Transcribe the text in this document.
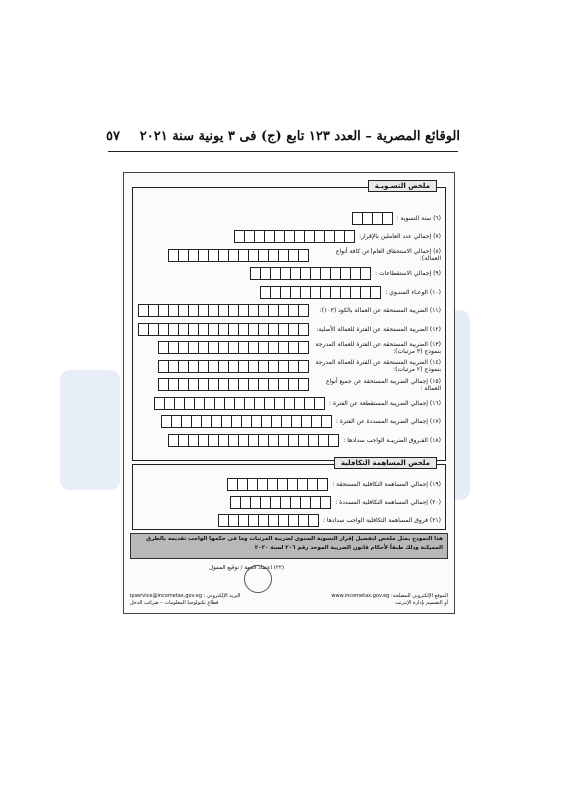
الوقائع المصرية – العدد ١٢٣ تابع (ج) فى ٣ يونية سنة ٢٠٢١
٥٧
ملخص التسـويـة
(٦) سنة التسوية :
(٧) إجمالي عدد العاملين بالإقرار:
(٨) إجمالي الاستحقاق العام(عن كافة أنواع العمالة):
(٩) إجمالي الاستقطاعات :
(١٠) الوعـاء السنـوي :
(١١) الضريبة المستحقة عن العمالة بالكود (١٠٣):
(١٢) الضريبة المستحقة عن الفترة للعمالة الأصلية:
(١٣) الضريبة المستحقة عن الفترة للعمالة المدرجة بنموذج (٣ مرتبات):
(١٤) الضريبة المستحقة عن الفترة للعمالة المدرجة بنموذج (٢ مرتبات):
(١٥) إجمالي الضريبة المستحقة عن جميع أنواع العمالة :
(١٦) إجمالي الضريبة المستقطعة عن الفترة :
(١٧) إجمالي الضريبة المسددة عن الفترة :
(١٨) الفـروق الضريبـة الواجب سدادها :
ملخص المساهمة التكافلية
(١٩) إجمالي المساهمة التكافلية المستحقة :
(٢٠) إجمالي المساهمة التكافلية المسددة :
(٢١) فروق المساهمة التكافلية الواجب سدادها :
هذا النموذج يمثل ملخص لتفصيل إقرار التسوية السنوى لضريبة المرتبات وما فى حكمها الواجب تقديمه بالطرق المميكنة وذلك طبقاً لأحكام قانون الضريبة الموحد رقم ٢٠٦ لسنة ٢٠٢٠
(٢٢) اعتماد الجهة / توقيع الممول
الموقع الإلكتروني للمصلحة: www.incometax.gov.eg
أو التصميم بإدارة الإنترنت
البريد الإلكتروني : ipservice@incometax.gov.eg
قطاع تكنولوجيا المعلومات – ضرائب الدخل
